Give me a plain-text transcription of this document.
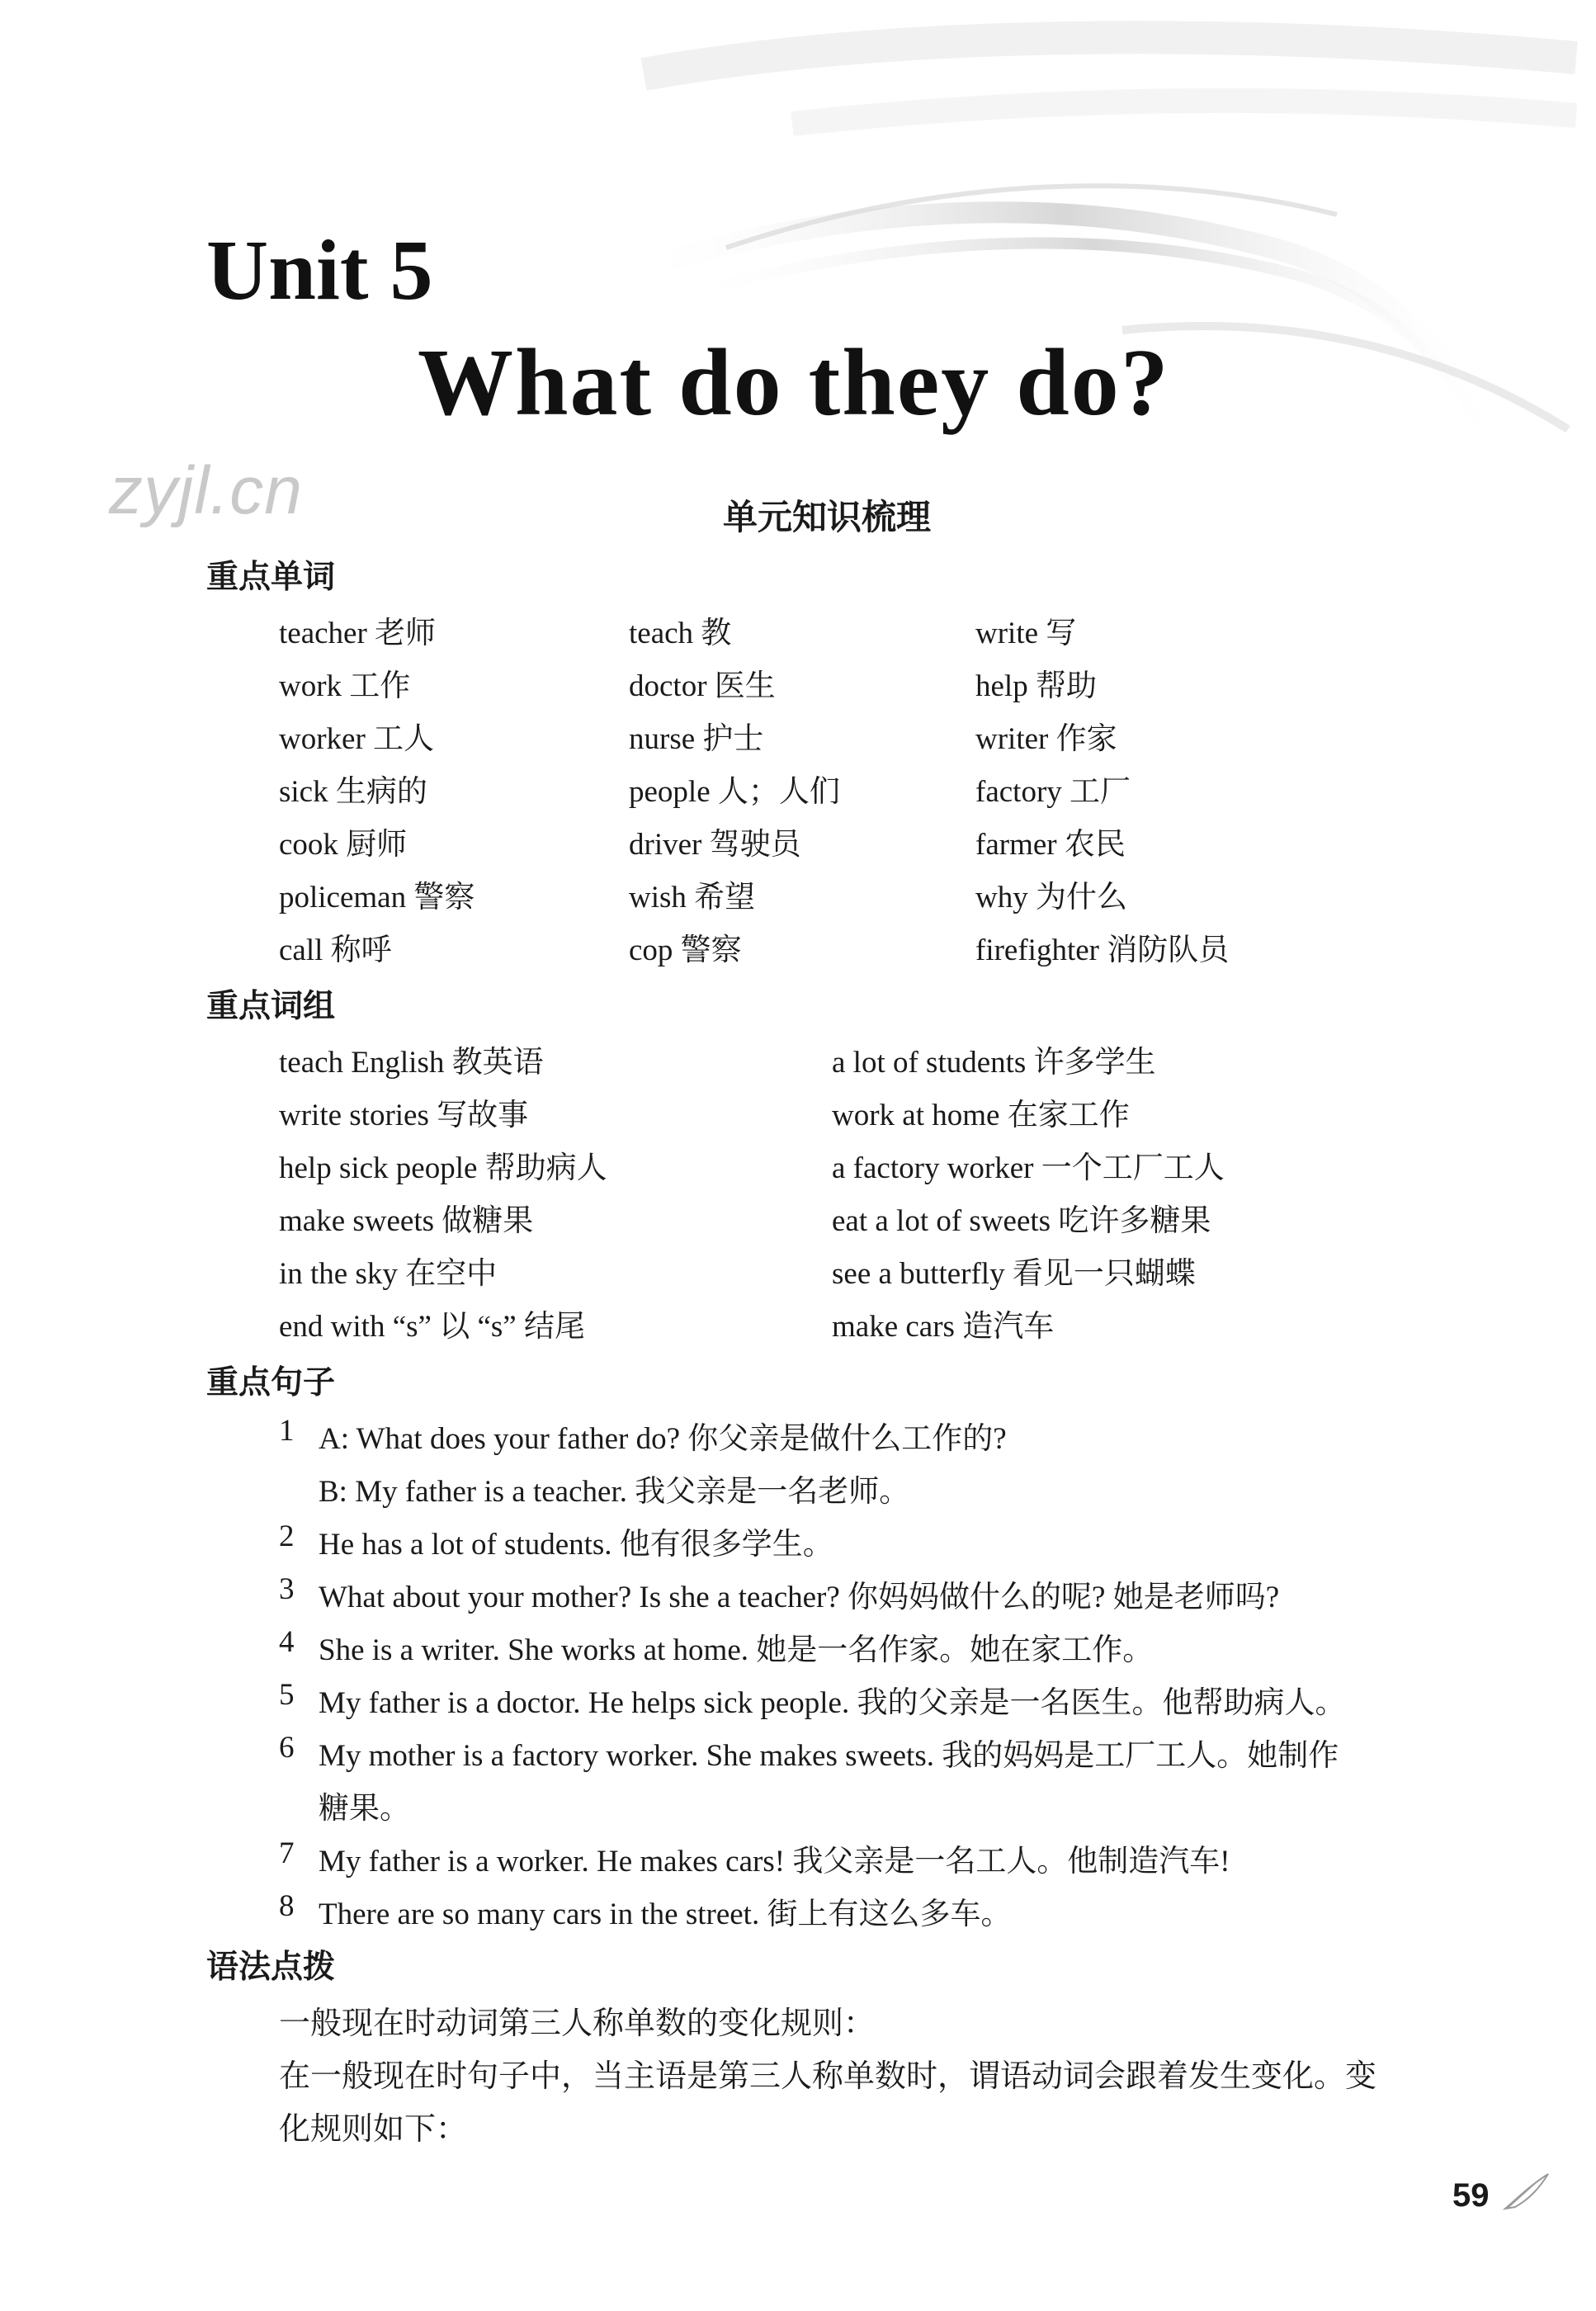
zyjl.cn
Unit 5
What do they do?
单元知识梳理
重点单词
teacher 老师	teach 教	write 写
work 工作	doctor 医生	help 帮助
worker 工人	nurse 护士	writer 作家
sick 生病的	people 人；人们	factory 工厂
cook 厨师	driver 驾驶员	farmer 农民
policeman 警察	wish 希望	why 为什么
call 称呼	cop 警察	firefighter 消防队员
重点词组
teach English 教英语	a lot of students 许多学生
write stories 写故事	work at home 在家工作
help sick people 帮助病人	a factory worker 一个工厂工人
make sweets 做糖果	eat a lot of sweets 吃许多糖果
in the sky 在空中	see a butterfly 看见一只蝴蝶
end with “s” 以 “s” 结尾	make cars 造汽车
重点句子
1 A: What does your father do? 你父亲是做什么工作的?
B: My father is a teacher. 我父亲是一名老师。
2 He has a lot of students. 他有很多学生。
3 What about your mother? Is she a teacher? 你妈妈做什么的呢? 她是老师吗?
4 She is a writer. She works at home. 她是一名作家。她在家工作。
5 My father is a doctor. He helps sick people. 我的父亲是一名医生。他帮助病人。
6 My mother is a factory worker. She makes sweets. 我的妈妈是工厂工人。她制作
糖果。
7 My father is a worker. He makes cars! 我父亲是一名工人。他制造汽车!
8 There are so many cars in the street. 街上有这么多车。
语法点拨
一般现在时动词第三人称单数的变化规则：
在一般现在时句子中，当主语是第三人称单数时，谓语动词会跟着发生变化。变
化规则如下：
59
